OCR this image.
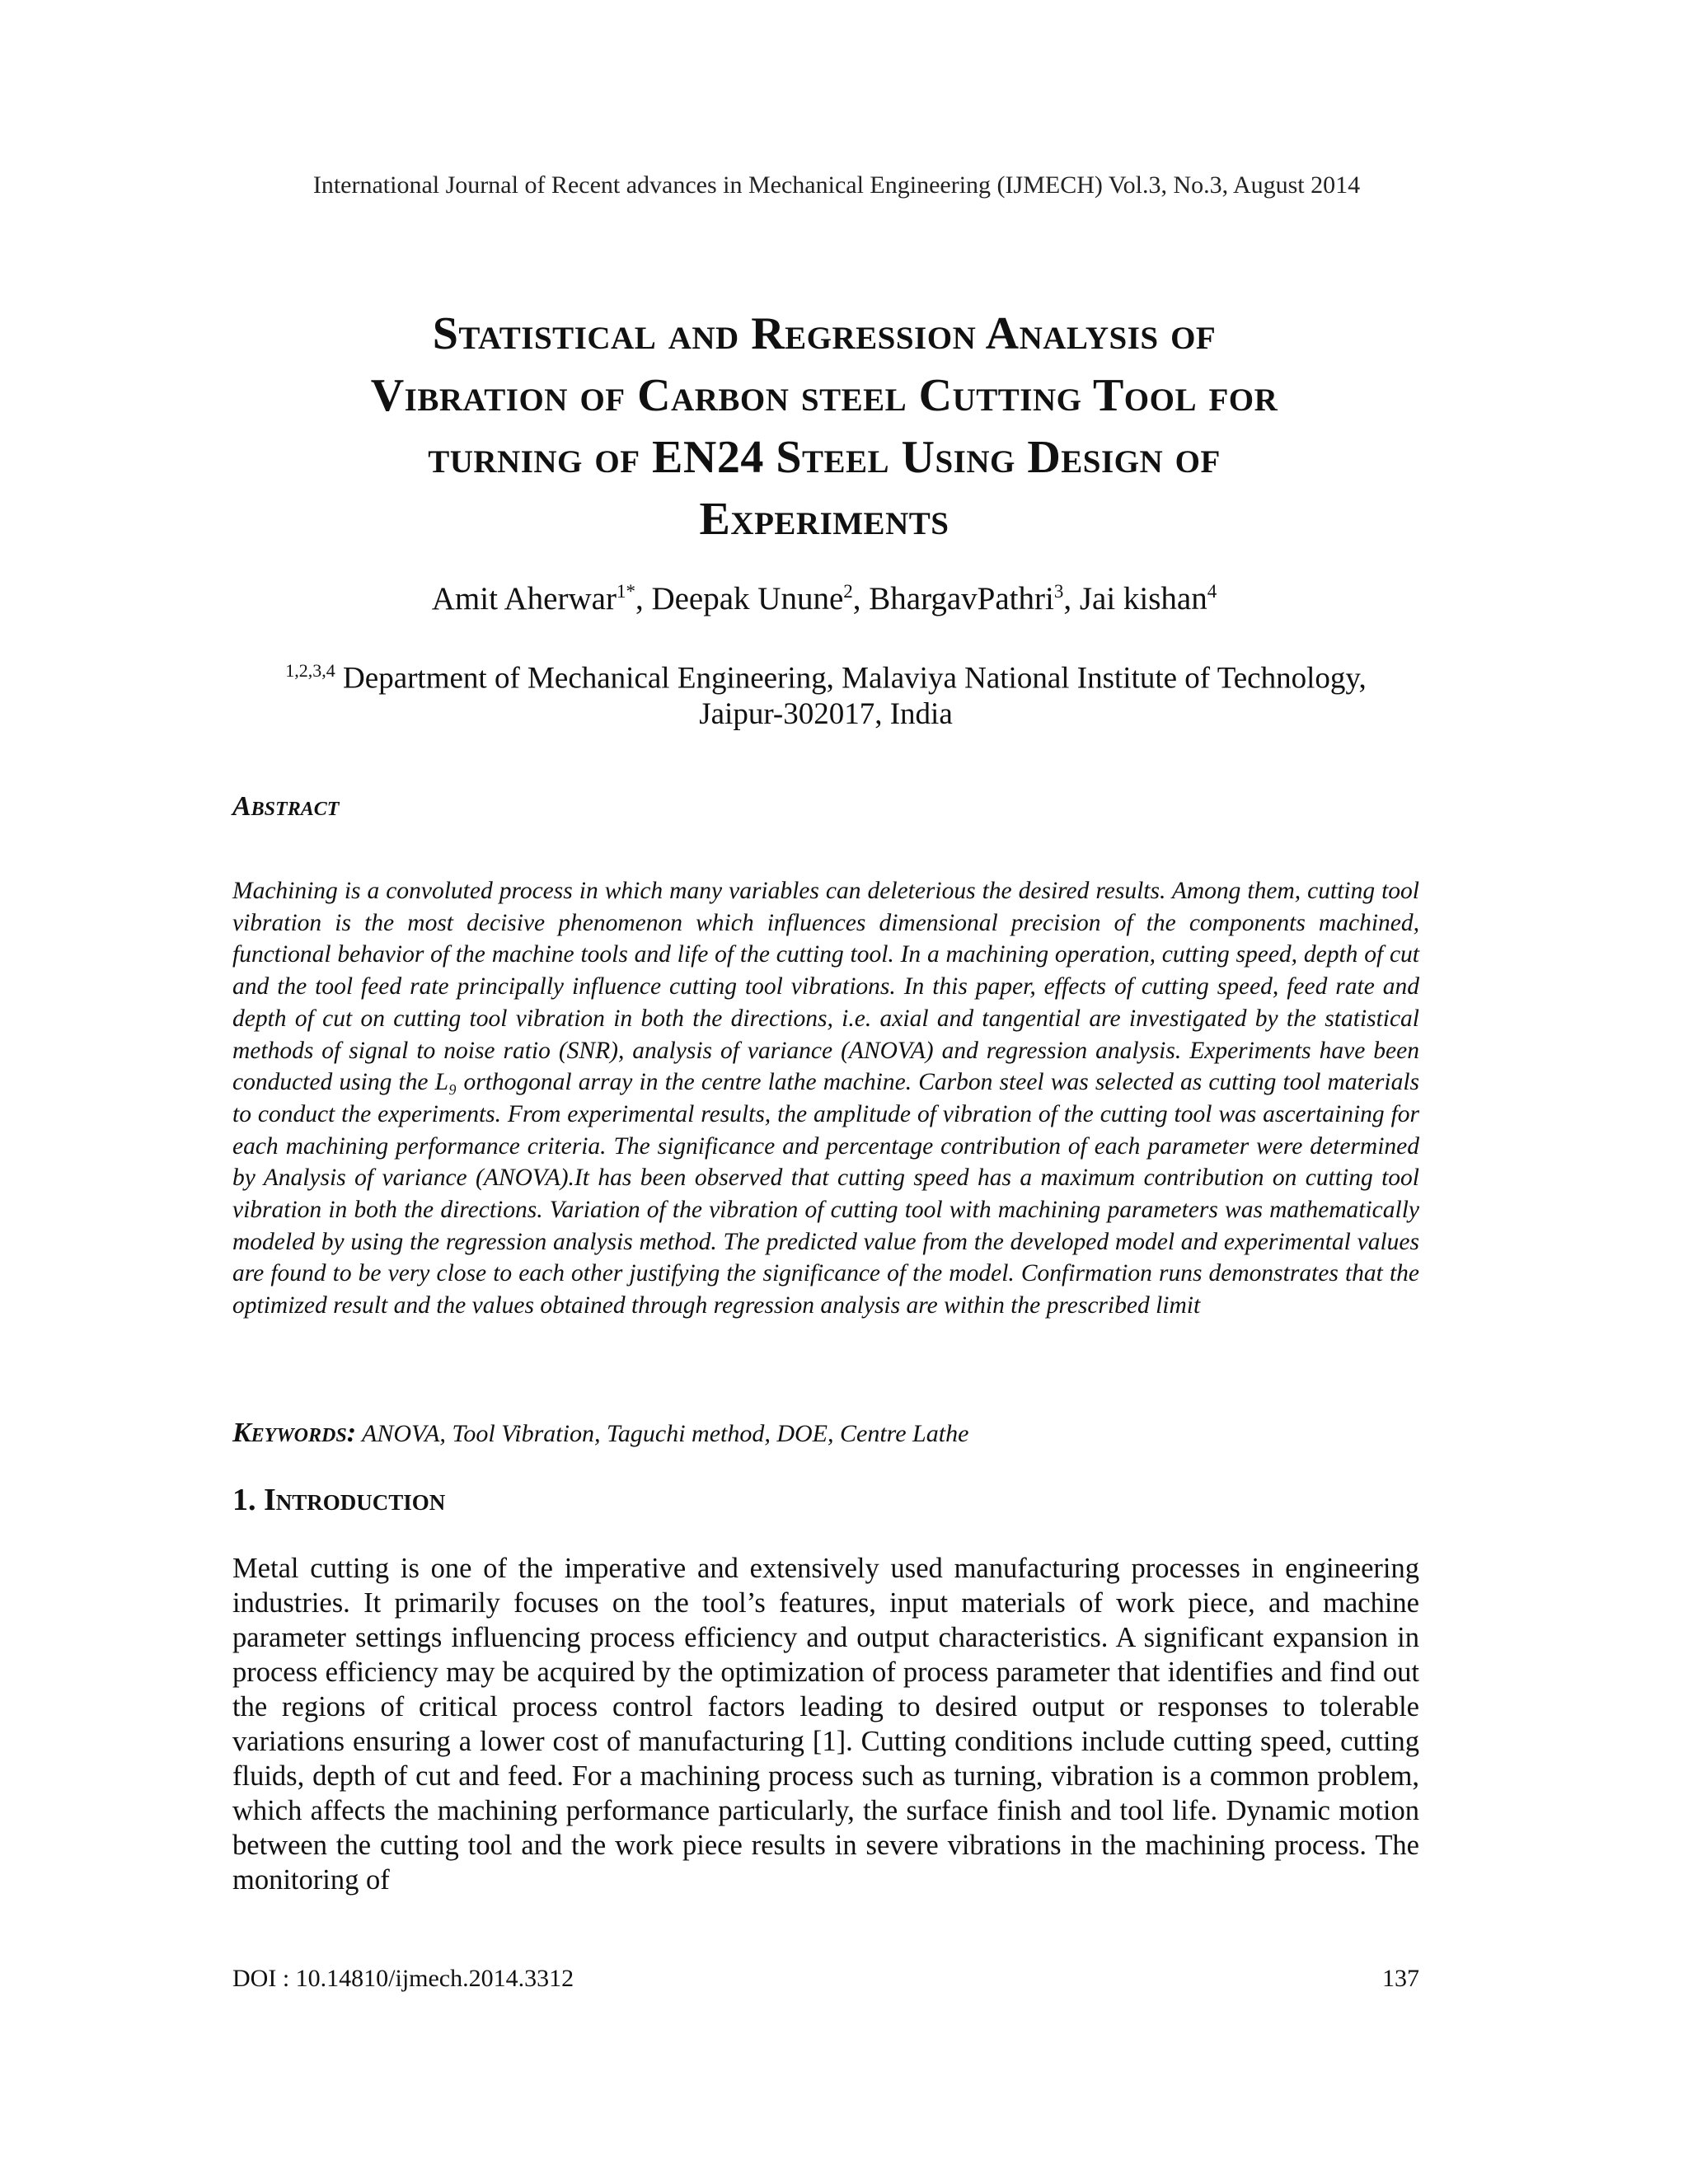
International Journal of Recent advances in Mechanical Engineering (IJMECH) Vol.3, No.3, August 2014
Statistical and Regression Analysis of
Vibration of Carbon steel Cutting Tool for
turning of EN24 Steel Using Design of
Experiments
Amit Aherwar$^{1*}$, Deepak Unune$^2$, BhargavPathri$^3$, Jai kishan$^4$
$^{1,2,3,4}$ Department of Mechanical Engineering, Malaviya National Institute of Technology,
Jaipur-302017, India
Abstract

Machining is a convoluted process in which many variables can deleterious the desired results. Among them, cutting tool vibration is the most decisive phenomenon which influences dimensional precision of the components machined, functional behavior of the machine tools and life of the cutting tool. In a machining operation, cutting speed, depth of cut and the tool feed rate principally influence cutting tool vibrations. In this paper, effects of cutting speed, feed rate and depth of cut on cutting tool vibration in both the directions, i.e. axial and tangential are investigated by the statistical methods of signal to noise ratio (SNR), analysis of variance (ANOVA) and regression analysis. Experiments have been conducted using the L₉ orthogonal array in the centre lathe machine. Carbon steel was selected as cutting tool materials to conduct the experiments. From experimental results, the amplitude of vibration of the cutting tool was ascertaining for each machining performance criteria. The significance and percentage contribution of each parameter were determined by Analysis of variance (ANOVA).It has been observed that cutting speed has a maximum contribution on cutting tool vibration in both the directions. Variation of the vibration of cutting tool with machining parameters was mathematically modeled by using the regression analysis method. The predicted value from the developed model and experimental values are found to be very close to each other justifying the significance of the model. Confirmation runs demonstrates that the optimized result and the values obtained through regression analysis are within the prescribed limit

Keywords: ANOVA, Tool Vibration, Taguchi method, DOE, Centre Lathe
1. Introduction

Metal cutting is one of the imperative and extensively used manufacturing processes in engineering industries. It primarily focuses on the tool’s features, input materials of work piece, and machine parameter settings influencing process efficiency and output characteristics. A significant expansion in process efficiency may be acquired by the optimization of process parameter that identifies and find out the regions of critical process control factors leading to desired output or responses to tolerable variations ensuring a lower cost of manufacturing [1]. Cutting conditions include cutting speed, cutting fluids, depth of cut and feed. For a machining process such as turning, vibration is a common problem, which affects the machining performance particularly, the surface finish and tool life. Dynamic motion between the cutting tool and the work piece results in severe vibrations in the machining process. The monitoring of

DOI : 10.14810/ijmech.2014.3312	137
